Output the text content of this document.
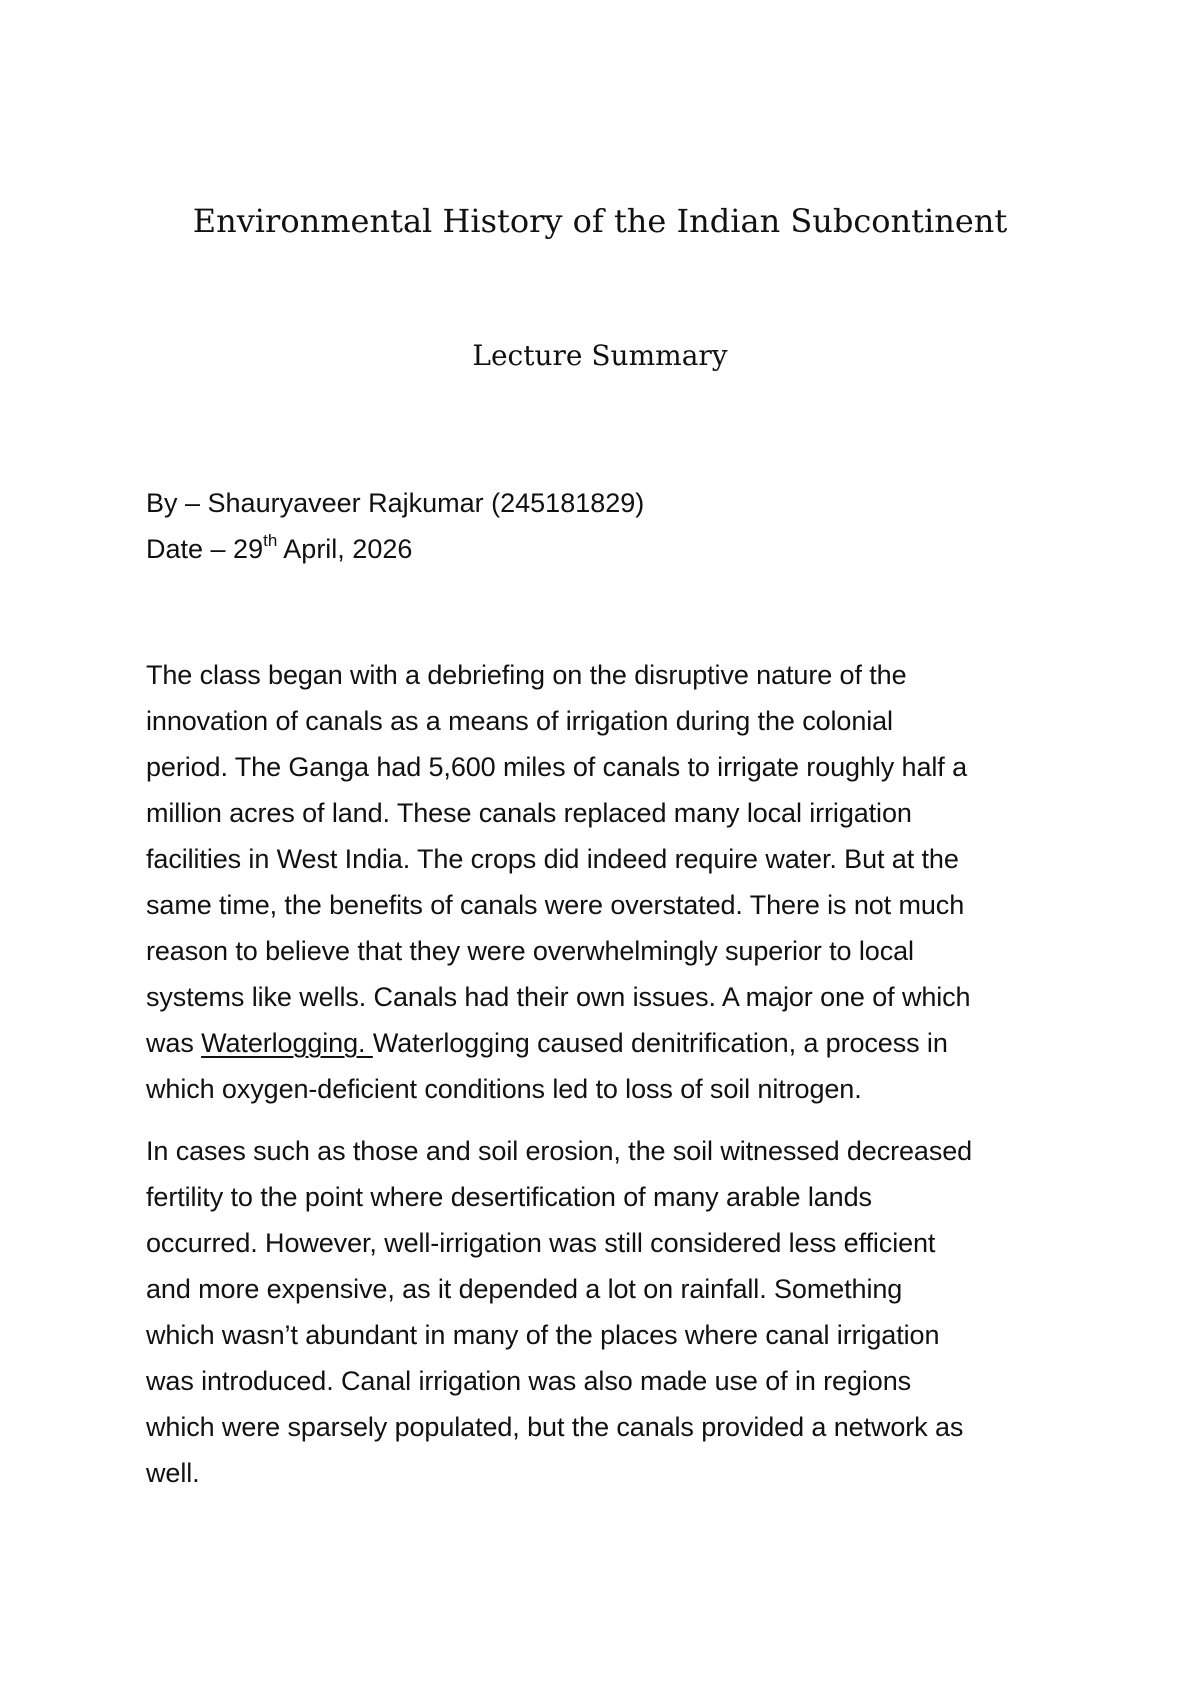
Environmental History of the Indian Subcontinent
Lecture Summary
By – Shauryaveer Rajkumar (245181829)
Date – 29th April, 2026
The class began with a debriefing on the disruptive nature of the
innovation of canals as a means of irrigation during the colonial
period. The Ganga had 5,600 miles of canals to irrigate roughly half a
million acres of land. These canals replaced many local irrigation
facilities in West India. The crops did indeed require water. But at the
same time, the benefits of canals were overstated. There is not much
reason to believe that they were overwhelmingly superior to local
systems like wells. Canals had their own issues. A major one of which
was Waterlogging. Waterlogging caused denitrification, a process in
which oxygen-deficient conditions led to loss of soil nitrogen.
In cases such as those and soil erosion, the soil witnessed decreased
fertility to the point where desertification of many arable lands
occurred. However, well-irrigation was still considered less efficient
and more expensive, as it depended a lot on rainfall. Something
which wasn’t abundant in many of the places where canal irrigation
was introduced. Canal irrigation was also made use of in regions
which were sparsely populated, but the canals provided a network as
well.
